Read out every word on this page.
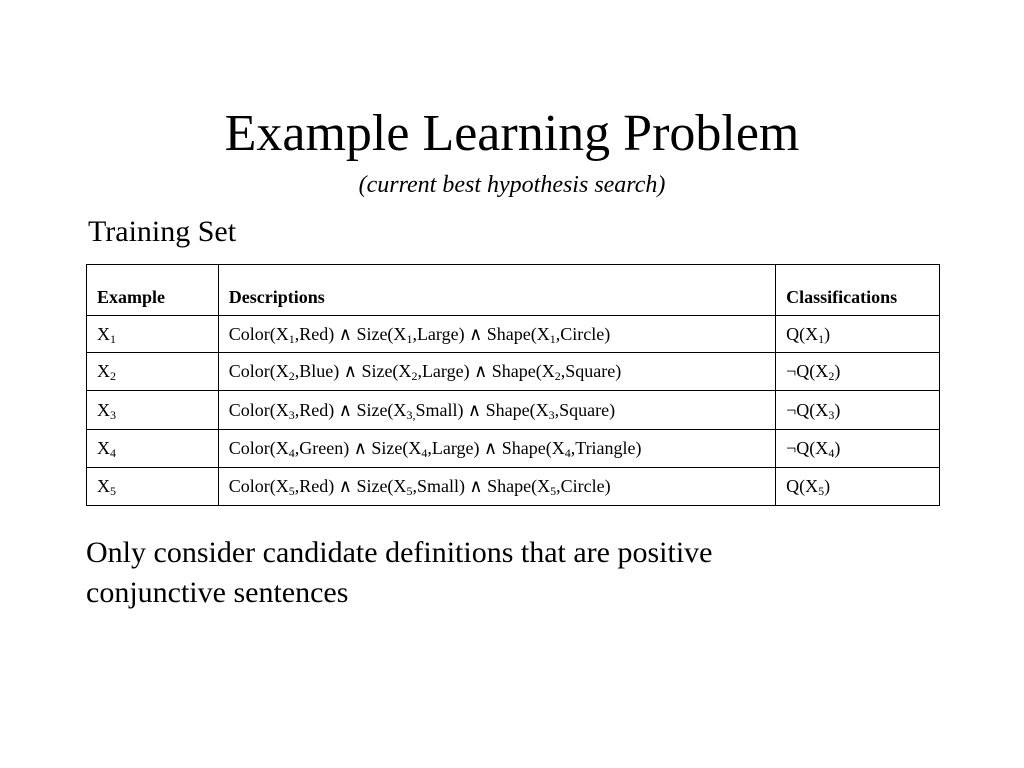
Example Learning Problem
(current best hypothesis search)
Training Set
Example	Descriptions	Classifications
$X_1$	$Color(X_1,Red)$ ∧ $Size(X_1,Large)$ ∧ $Shape(X_1,Circle)$	$Q(X_1)$
$X_2$	$Color(X_2,Blue)$ ∧ $Size(X_2,Large)$ ∧ $Shape(X_2,Square)$	$\neg Q(X_2)$
$X_3$	$Color(X_3,Red)$ ∧ $Size(X_{3,}Small)$ ∧ $Shape(X_3,Square)$	$\neg Q(X_3)$
$X_4$	$Color(X_4,Green)$ ∧ $Size(X_4,Large)$ ∧ $Shape(X_4,Triangle)$	$\neg Q(X_4)$
$X_5$	$Color(X_5,Red)$ ∧ $Size(X_5,Small)$ ∧ $Shape(X_5,Circle)$	$Q(X_5)$
Only consider candidate definitions that are positive conjunctive sentences
